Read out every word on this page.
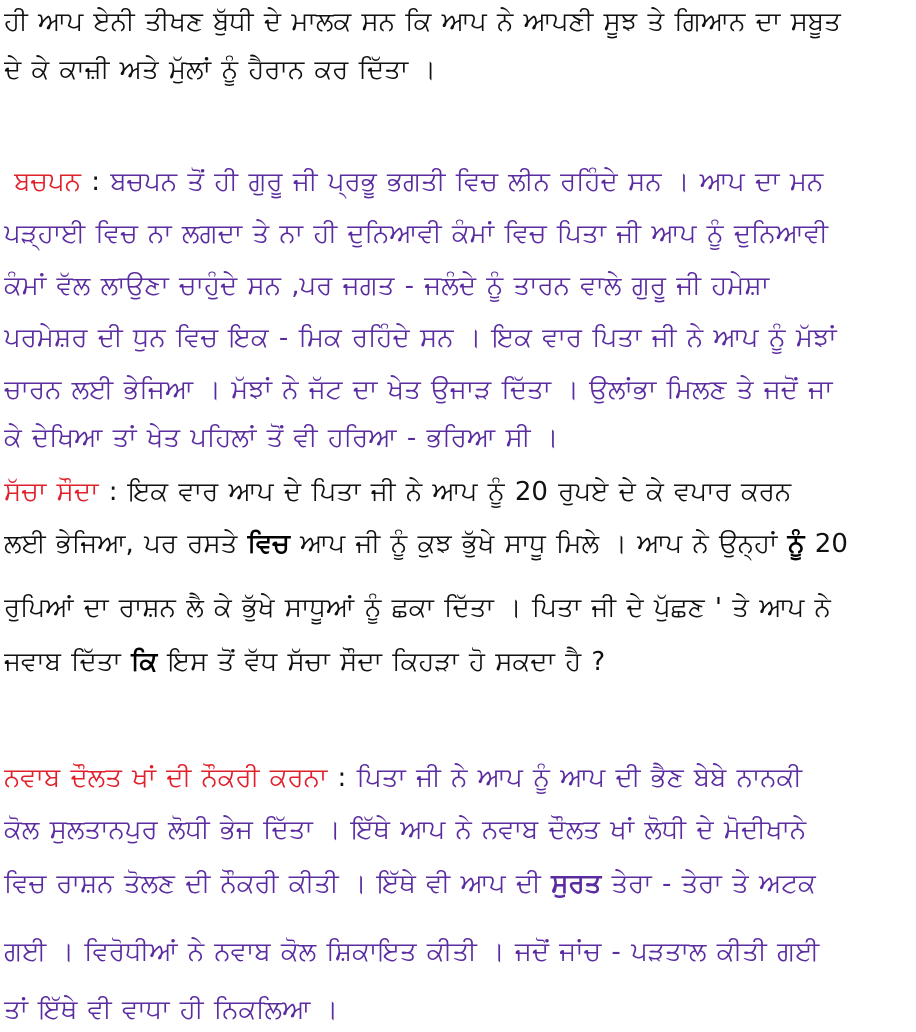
ਹੀ ਆਪ ਏਨੀ ਤੀਖਣ ਬੁੱਧੀ ਦੇ ਮਾਲਕ ਸਨ ਕਿ ਆਪ ਨੇ ਆਪਣੀ ਸੂਝ ਤੇ ਗਿਆਨ ਦਾ ਸਬੂਤ
ਦੇ ਕੇ ਕਾਜ਼ੀ ਅਤੇ ਮੁੱਲਾਂ ਨੂੰ ਹੈਰਾਨ ਕਰ ਦਿੱਤਾ ।
ਬਚਪਨ : ਬਚਪਨ ਤੋਂ ਹੀ ਗੁਰੂ ਜੀ ਪ੍ਰਭੂ ਭਗਤੀ ਵਿਚ ਲੀਨ ਰਹਿੰਦੇ ਸਨ । ਆਪ ਦਾ ਮਨ
ਪੜ੍ਹਾਈ ਵਿਚ ਨਾ ਲਗਦਾ ਤੇ ਨਾ ਹੀ ਦੁਨਿਆਵੀ ਕੰਮਾਂ ਵਿਚ ਪਿਤਾ ਜੀ ਆਪ ਨੂੰ ਦੁਨਿਆਵੀ
ਕੰਮਾਂ ਵੱਲ ਲਾਉਣਾ ਚਾਹੁੰਦੇ ਸਨ ,ਪਰ ਜਗਤ - ਜਲੰਦੇ ਨੂੰ ਤਾਰਨ ਵਾਲੇ ਗੁਰੂ ਜੀ ਹਮੇਸ਼ਾ
ਪਰਮੇਸ਼ਰ ਦੀ ਧੁਨ ਵਿਚ ਇਕ - ਮਿਕ ਰਹਿੰਦੇ ਸਨ । ਇਕ ਵਾਰ ਪਿਤਾ ਜੀ ਨੇ ਆਪ ਨੂੰ ਮੱਝਾਂ
ਚਾਰਨ ਲਈ ਭੇਜਿਆ । ਮੱਝਾਂ ਨੇ ਜੱਟ ਦਾ ਖੇਤ ਉਜਾੜ ਦਿੱਤਾ । ਉਲਾਂਭਾ ਮਿਲਣ ਤੇ ਜਦੋਂ ਜਾ
ਕੇ ਦੇਖਿਆ ਤਾਂ ਖੇਤ ਪਹਿਲਾਂ ਤੋਂ ਵੀ ਹਰਿਆ - ਭਰਿਆ ਸੀ ।
ਸੱਚਾ ਸੌਦਾ : ਇਕ ਵਾਰ ਆਪ ਦੇ ਪਿਤਾ ਜੀ ਨੇ ਆਪ ਨੂੰ 20 ਰੁਪਏ ਦੇ ਕੇ ਵਪਾਰ ਕਰਨ
ਲਈ ਭੇਜਿਆ, ਪਰ ਰਸਤੇ ਵਿਚ ਆਪ ਜੀ ਨੂੰ ਕੁਝ ਭੁੱਖੇ ਸਾਧੂ ਮਿਲੇ । ਆਪ ਨੇ ਉਨ੍ਹਾਂ ਨੂੰ 20
ਰੁਪਿਆਂ ਦਾ ਰਾਸ਼ਨ ਲੈ ਕੇ ਭੁੱਖੇ ਸਾਧੂਆਂ ਨੂੰ ਛਕਾ ਦਿੱਤਾ । ਪਿਤਾ ਜੀ ਦੇ ਪੁੱਛਣ ' ਤੇ ਆਪ ਨੇ
ਜਵਾਬ ਦਿੱਤਾ ਕਿ ਇਸ ਤੋਂ ਵੱਧ ਸੱਚਾ ਸੌਦਾ ਕਿਹੜਾ ਹੋ ਸਕਦਾ ਹੈ ?
ਨਵਾਬ ਦੌਲਤ ਖਾਂ ਦੀ ਨੌਕਰੀ ਕਰਨਾ : ਪਿਤਾ ਜੀ ਨੇ ਆਪ ਨੂੰ ਆਪ ਦੀ ਭੈਣ ਬੇਬੇ ਨਾਨਕੀ
ਕੋਲ ਸੁਲਤਾਨਪੁਰ ਲੋਧੀ ਭੇਜ ਦਿੱਤਾ । ਇੱਥੇ ਆਪ ਨੇ ਨਵਾਬ ਦੌਲਤ ਖਾਂ ਲੋਧੀ ਦੇ ਮੋਦੀਖਾਨੇ
ਵਿਚ ਰਾਸ਼ਨ ਤੋਲਣ ਦੀ ਨੌਕਰੀ ਕੀਤੀ । ਇੱਥੇ ਵੀ ਆਪ ਦੀ ਸੁਰਤ ਤੇਰਾ - ਤੇਰਾ ਤੇ ਅਟਕ
ਗਈ । ਵਿਰੋਧੀਆਂ ਨੇ ਨਵਾਬ ਕੋਲ ਸ਼ਿਕਾਇਤ ਕੀਤੀ । ਜਦੋਂ ਜਾਂਚ - ਪੜਤਾਲ ਕੀਤੀ ਗਈ
ਤਾਂ ਇੱਥੇ ਵੀ ਵਾਧਾ ਹੀ ਨਿਕਲਿਆ ।
